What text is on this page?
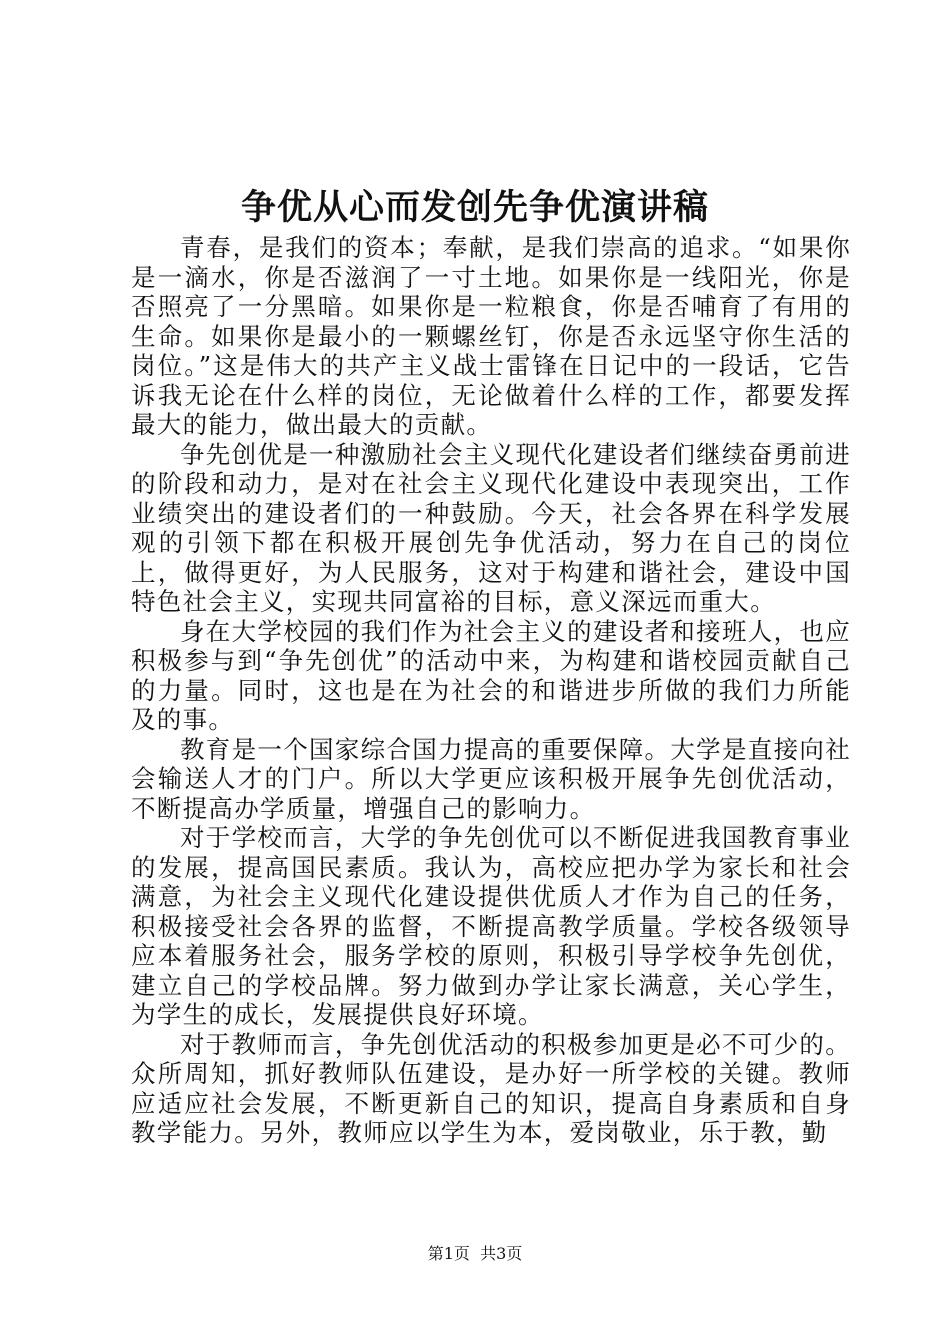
争优从心而发创先争优演讲稿

青春，是我们的资本；奉献，是我们崇高的追求。“如果你是一滴水，你是否滋润了一寸土地。如果你是一线阳光，你是否照亮了一分黑暗。如果你是一粒粮食，你是否哺育了有用的生命。如果你是最小的一颗螺丝钉，你是否永远坚守你生活的岗位。”这是伟大的共产主义战士雷锋在日记中的一段话，它告诉我无论在什么样的岗位，无论做着什么样的工作，都要发挥最大的能力，做出最大的贡献。

争先创优是一种激励社会主义现代化建设者们继续奋勇前进的阶段和动力，是对在社会主义现代化建设中表现突出，工作业绩突出的建设者们的一种鼓励。今天，社会各界在科学发展观的引领下都在积极开展创先争优活动，努力在自己的岗位上，做得更好，为人民服务，这对于构建和谐社会，建设中国特色社会主义，实现共同富裕的目标，意义深远而重大。

身在大学校园的我们作为社会主义的建设者和接班人，也应积极参与到“争先创优”的活动中来，为构建和谐校园贡献自己的力量。同时，这也是在为社会的和谐进步所做的我们力所能及的事。

教育是一个国家综合国力提高的重要保障。大学是直接向社会输送人才的门户。所以大学更应该积极开展争先创优活动，不断提高办学质量，增强自己的影响力。

对于学校而言，大学的争先创优可以不断促进我国教育事业的发展，提高国民素质。我认为，高校应把办学为家长和社会满意，为社会主义现代化建设提供优质人才作为自己的任务，积极接受社会各界的监督，不断提高教学质量。学校各级领导应本着服务社会，服务学校的原则，积极引导学校争先创优，建立自己的学校品牌。努力做到办学让家长满意，关心学生，为学生的成长，发展提供良好环境。

对于教师而言，争先创优活动的积极参加更是必不可少的。众所周知，抓好教师队伍建设，是办好一所学校的关键。教师应适应社会发展，不断更新自己的知识，提高自身素质和自身教学能力。另外，教师应以学生为本，爱岗敬业，乐于教，勤

第1页 共3页
